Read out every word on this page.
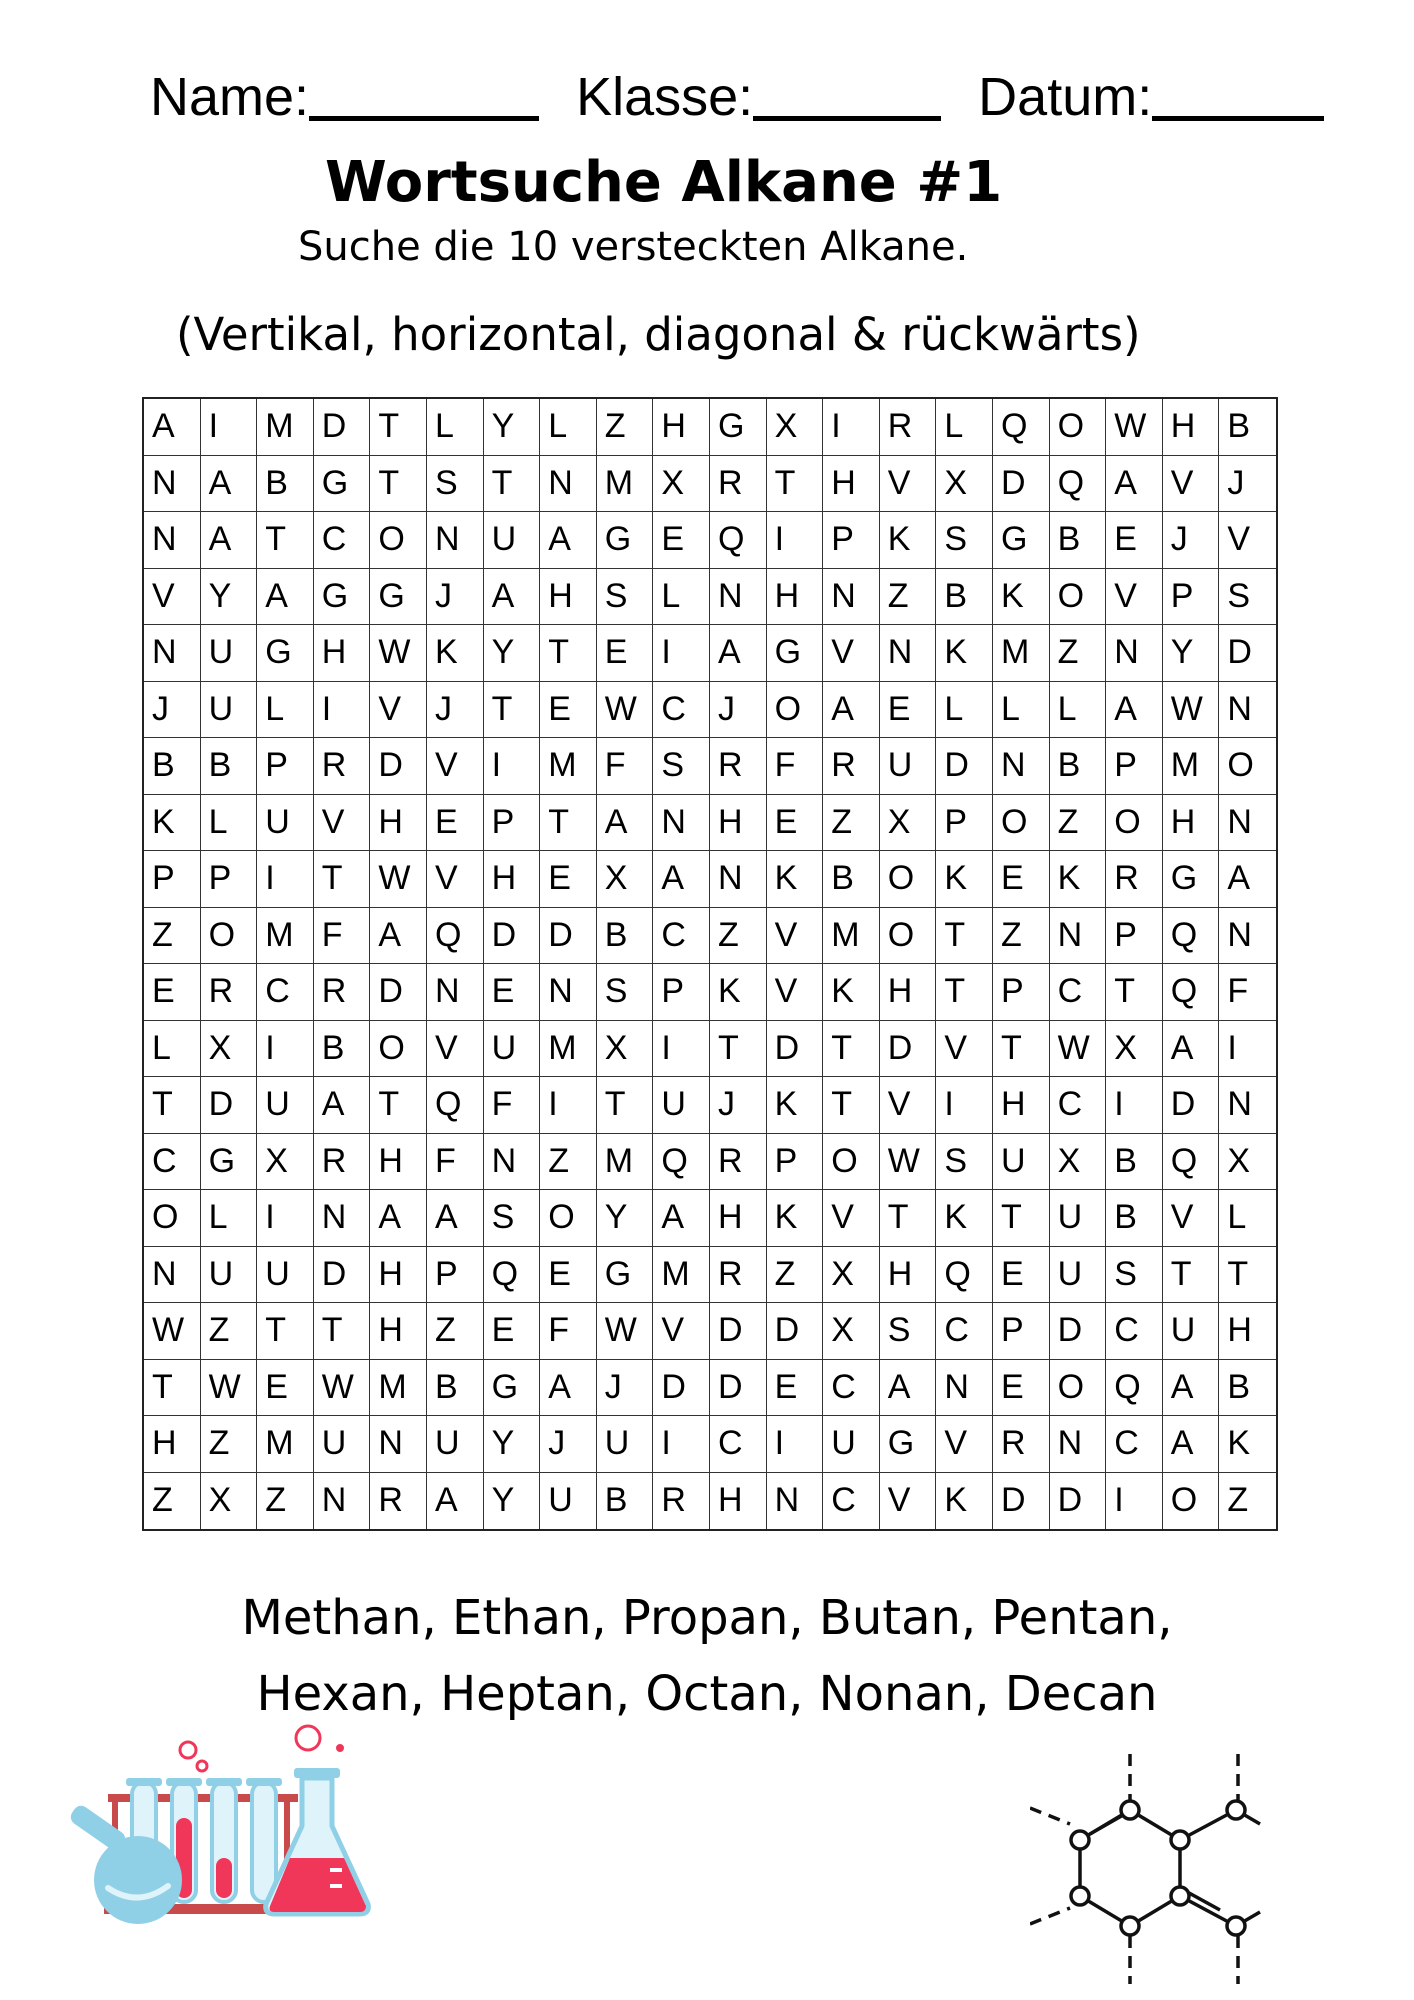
Name:	Klasse:	Datum:
Wortsuche Alkane #1
Suche die 10 versteckten Alkane.
(Vertikal, horizontal, diagonal & rückwärts)
A I	M D T	L	Y L	Z	H G X I	R L	Q O W H B
N A B G T	S T	N M X R T	H V X D Q A V J
N A T	C O N U A G E Q I	P K S G B E J	V
V Y A G G J	A H S L	N H N Z	B K O V P S
N U G H W K Y T	E I	A G V N K M Z	N Y D
J	U L	I	V J	T	E W C J	O A E L	L	L	A W N
B B P R D V I	M F	S R F	R U D N B P M O
K L	U V H E P T	A N H E Z	X P O Z	O H N
P P I	T	W V H E X A N K B O K E K R G A
Z	O M F	A Q D D B C Z	V M O T	Z	N P Q N
E R C R D N E N S P K V K H T	P C T	Q F
L	X I	B O V U M X I	T	D T	D V T	W X A I
T	D U A T	Q F	I	T	U J	K T	V I	H C I	D N
C G X R H F	N Z	M Q R P O W S U X B Q X
O L	I	N A A S O Y A H K V T	K T	U B V L
N U U D H P Q E G M R Z	X H Q E U S T	T
W Z	T	T	H Z	E F	W V D D X S C P D C U H
T	W E W M B G A J	D D E C A N E O Q A B
H Z	M U N U Y J	U I	C I	U G V R N C A K
Z	X Z	N R A Y U B R H N C V K D D I	O Z
Methan, Ethan, Propan, Butan, Pentan,
Hexan, Heptan, Octan, Nonan, Decan
